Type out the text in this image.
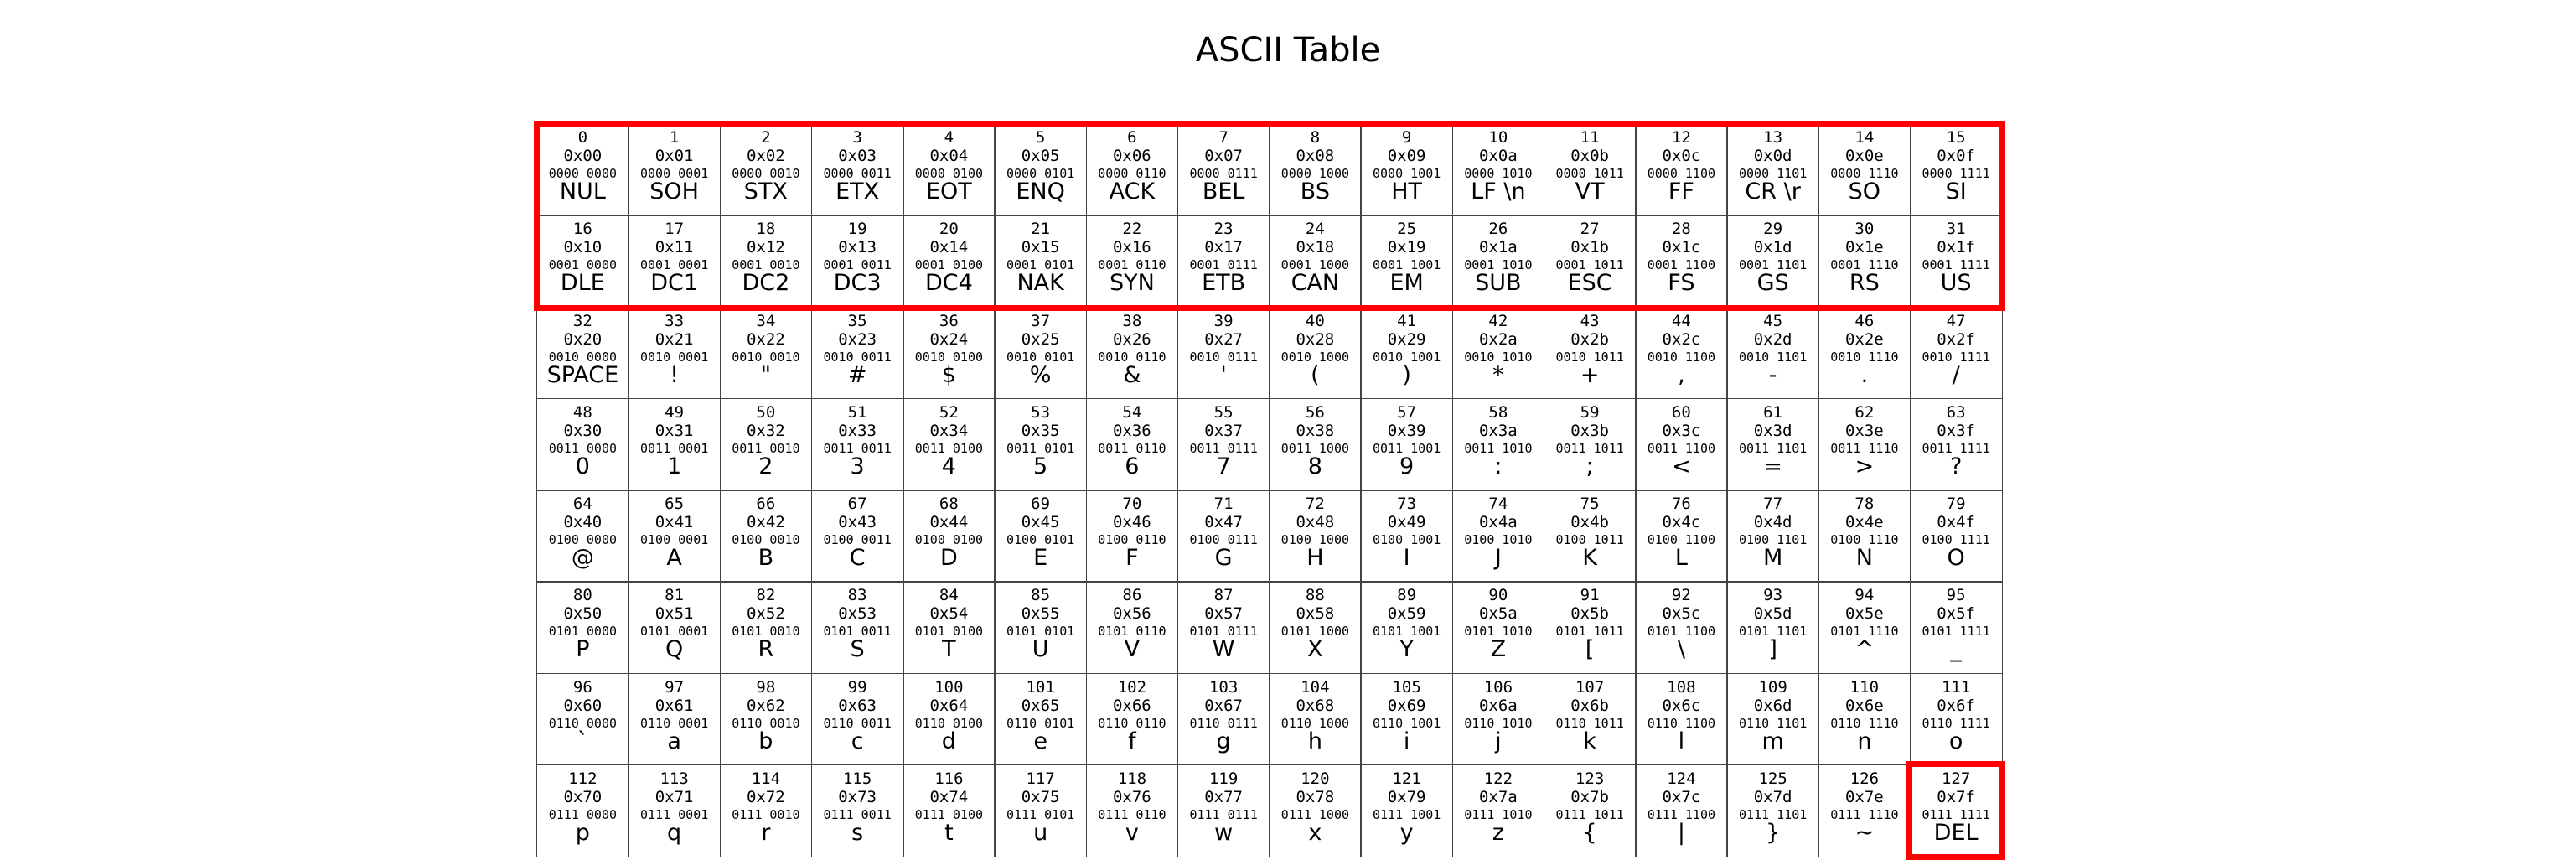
ASCII Table
0
0x00
0000 0000
NUL
1
0x01
0000 0001
SOH
2
0x02
0000 0010
STX
3
0x03
0000 0011
ETX
4
0x04
0000 0100
EOT
5
0x05
0000 0101
ENQ
6
0x06
0000 0110
ACK
7
0x07
0000 0111
BEL
8
0x08
0000 1000
BS
9
0x09
0000 1001
HT
10
0x0a
0000 1010
LF \n
11
0x0b
0000 1011
VT
12
0x0c
0000 1100
FF
13
0x0d
0000 1101
CR \r
14
0x0e
0000 1110
SO
15
0x0f
0000 1111
SI
16
0x10
0001 0000
DLE
17
0x11
0001 0001
DC1
18
0x12
0001 0010
DC2
19
0x13
0001 0011
DC3
20
0x14
0001 0100
DC4
21
0x15
0001 0101
NAK
22
0x16
0001 0110
SYN
23
0x17
0001 0111
ETB
24
0x18
0001 1000
CAN
25
0x19
0001 1001
EM
26
0x1a
0001 1010
SUB
27
0x1b
0001 1011
ESC
28
0x1c
0001 1100
FS
29
0x1d
0001 1101
GS
30
0x1e
0001 1110
RS
31
0x1f
0001 1111
US
32
0x20
0010 0000
SPACE
33
0x21
0010 0001
!
34
0x22
0010 0010
"
35
0x23
0010 0011
#
36
0x24
0010 0100
$
37
0x25
0010 0101
%
38
0x26
0010 0110
&
39
0x27
0010 0111
'
40
0x28
0010 1000
(
41
0x29
0010 1001
)
42
0x2a
0010 1010
*
43
0x2b
0010 1011
+
44
0x2c
0010 1100
,
45
0x2d
0010 1101
-
46
0x2e
0010 1110
.
47
0x2f
0010 1111
/
48
0x30
0011 0000
0
49
0x31
0011 0001
1
50
0x32
0011 0010
2
51
0x33
0011 0011
3
52
0x34
0011 0100
4
53
0x35
0011 0101
5
54
0x36
0011 0110
6
55
0x37
0011 0111
7
56
0x38
0011 1000
8
57
0x39
0011 1001
9
58
0x3a
0011 1010
:
59
0x3b
0011 1011
;
60
0x3c
0011 1100
<
61
0x3d
0011 1101
=
62
0x3e
0011 1110
>
63
0x3f
0011 1111
?
64
0x40
0100 0000
@
65
0x41
0100 0001
A
66
0x42
0100 0010
B
67
0x43
0100 0011
C
68
0x44
0100 0100
D
69
0x45
0100 0101
E
70
0x46
0100 0110
F
71
0x47
0100 0111
G
72
0x48
0100 1000
H
73
0x49
0100 1001
I
74
0x4a
0100 1010
J
75
0x4b
0100 1011
K
76
0x4c
0100 1100
L
77
0x4d
0100 1101
M
78
0x4e
0100 1110
N
79
0x4f
0100 1111
O
80
0x50
0101 0000
P
81
0x51
0101 0001
Q
82
0x52
0101 0010
R
83
0x53
0101 0011
S
84
0x54
0101 0100
T
85
0x55
0101 0101
U
86
0x56
0101 0110
V
87
0x57
0101 0111
W
88
0x58
0101 1000
X
89
0x59
0101 1001
Y
90
0x5a
0101 1010
Z
91
0x5b
0101 1011
[
92
0x5c
0101 1100
\
93
0x5d
0101 1101
]
94
0x5e
0101 1110
^
95
0x5f
0101 1111
_
96
0x60
0110 0000
`
97
0x61
0110 0001
a
98
0x62
0110 0010
b
99
0x63
0110 0011
c
100
0x64
0110 0100
d
101
0x65
0110 0101
e
102
0x66
0110 0110
f
103
0x67
0110 0111
g
104
0x68
0110 1000
h
105
0x69
0110 1001
i
106
0x6a
0110 1010
j
107
0x6b
0110 1011
k
108
0x6c
0110 1100
l
109
0x6d
0110 1101
m
110
0x6e
0110 1110
n
111
0x6f
0110 1111
o
112
0x70
0111 0000
p
113
0x71
0111 0001
q
114
0x72
0111 0010
r
115
0x73
0111 0011
s
116
0x74
0111 0100
t
117
0x75
0111 0101
u
118
0x76
0111 0110
v
119
0x77
0111 0111
w
120
0x78
0111 1000
x
121
0x79
0111 1001
y
122
0x7a
0111 1010
z
123
0x7b
0111 1011
{
124
0x7c
0111 1100
|
125
0x7d
0111 1101
}
126
0x7e
0111 1110
~
127
0x7f
0111 1111
DEL
